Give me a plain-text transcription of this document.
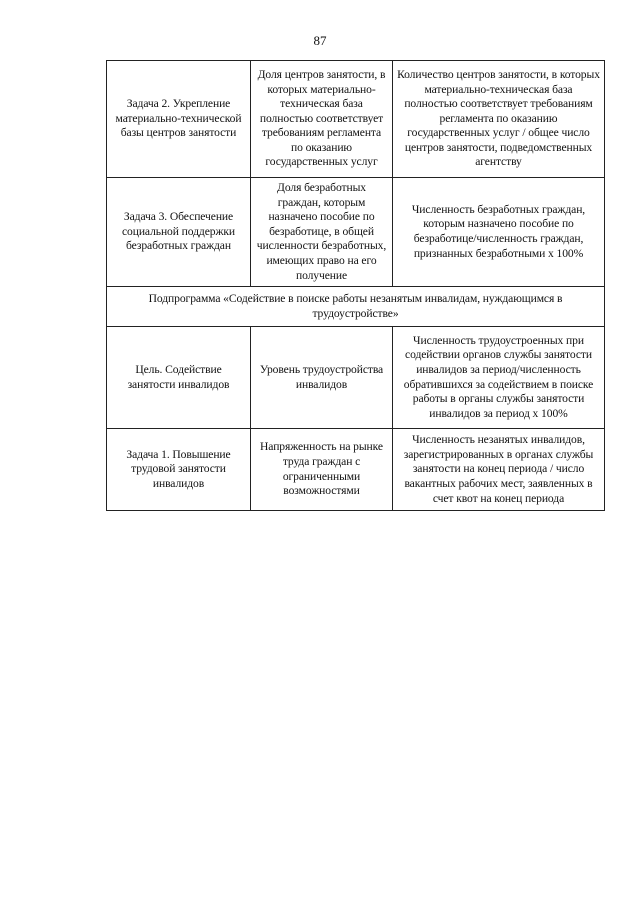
87
Задача 2. Укрепление материально-технической базы центров занятости	Доля центров занятости, в которых материально-техническая база полностью соответствует требованиям регламента по оказанию государственных услуг	Количество центров занятости, в которых материально-техническая база полностью соответствует требованиям регламента по оказанию государственных услуг / общее число центров занятости, подведомственных агентству
Задача 3. Обеспечение социальной поддержки безработных граждан	Доля безработных граждан, которым назначено пособие по безработице, в общей численности безработных, имеющих право на его получение	Численность безработных граждан, которым назначено пособие по безработице/численность граждан, признанных безработными х 100%
Подпрограмма «Содействие в поиске работы незанятым инвалидам, нуждающимся в трудоустройстве»		
Цель. Содействие занятости инвалидов	Уровень трудоустройства инвалидов	Численность трудоустроенных при содействии органов службы занятости инвалидов за период/численность обратившихся за содействием в поиске работы в органы службы занятости инвалидов за период х 100%
Задача 1. Повышение трудовой занятости инвалидов	Напряженность на рынке труда граждан с ограниченными возможностями	Численность незанятых инвалидов, зарегистрированных в органах службы занятости на конец периода / число вакантных рабочих мест, заявленных в счет квот на конец периода
